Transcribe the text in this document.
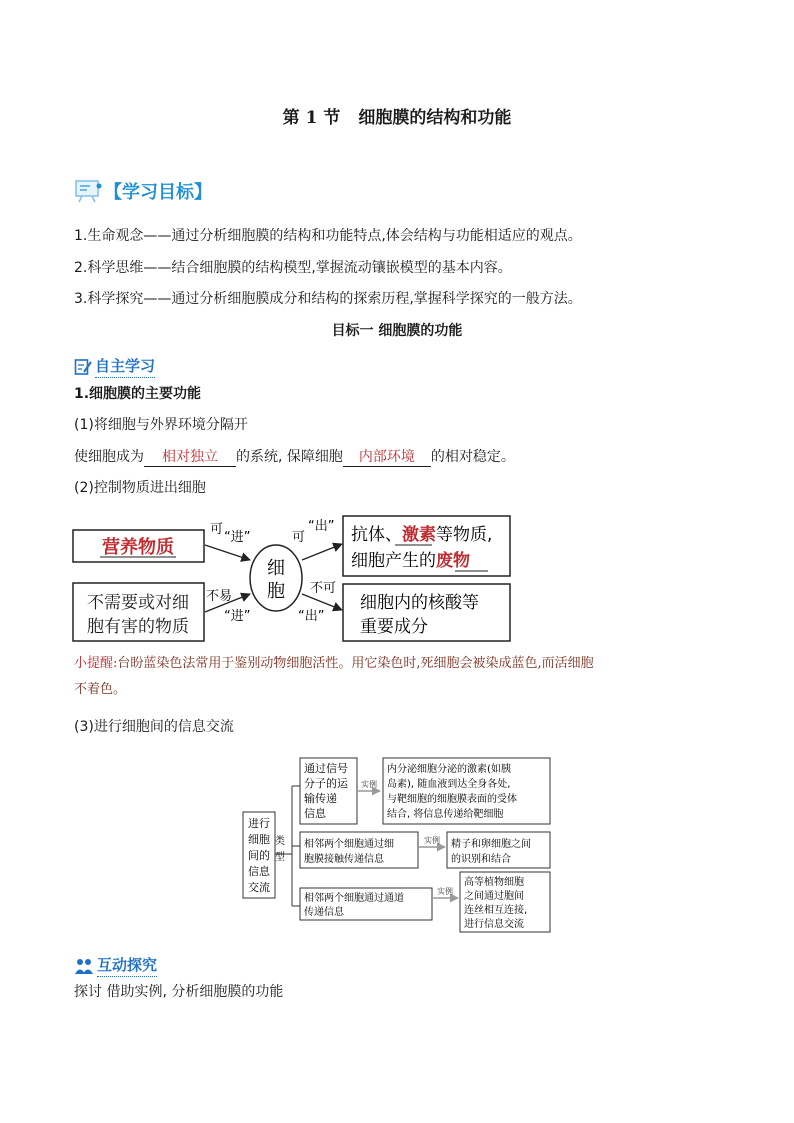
第 1 节 细胞膜的结构和功能
【学习目标】
1.生命观念——通过分析细胞膜的结构和功能特点,体会结构与功能相适应的观点。
2.科学思维——结合细胞膜的结构模型,掌握流动镶嵌模型的基本内容。
3.科学探究——通过分析细胞膜成分和结构的探索历程,掌握科学探究的一般方法。
目标一 细胞膜的功能
自主学习
1.细胞膜的主要功能
(1)将细胞与外界环境分隔开
使细胞成为 相对独立 的系统, 保障细胞 内部环境 的相对稳定。
(2)控制物质进出细胞
营养物质
不需要或对细
胞有害的物质
细
胞
可
“进”
不易
“进”
可
“出”
不可
“出”
抗体、激素等物质,
细胞产生的废物
细胞内的核酸等
重要成分
小提醒:台盼蓝染色法常用于鉴别动物细胞活性。用它染色时,死细胞会被染成蓝色,而活细胞
不着色。
(3)进行细胞间的信息交流
进行
细胞
间的
信息
交流
类
型
通过信号
分子的运
输传递
信息
实例
内分泌细胞分泌的激素(如胰
岛素), 随血液到达全身各处,
与靶细胞的细胞膜表面的受体
结合, 将信息传递给靶细胞
相邻两个细胞通过细
胞膜接触传递信息
实例 精子和卵细胞之间
的识别和结合
相邻两个细胞通过通道
传递信息
实例
高等植物细胞
之间通过胞间
连丝相互连接,
进行信息交流
互动探究
探讨 借助实例, 分析细胞膜的功能
